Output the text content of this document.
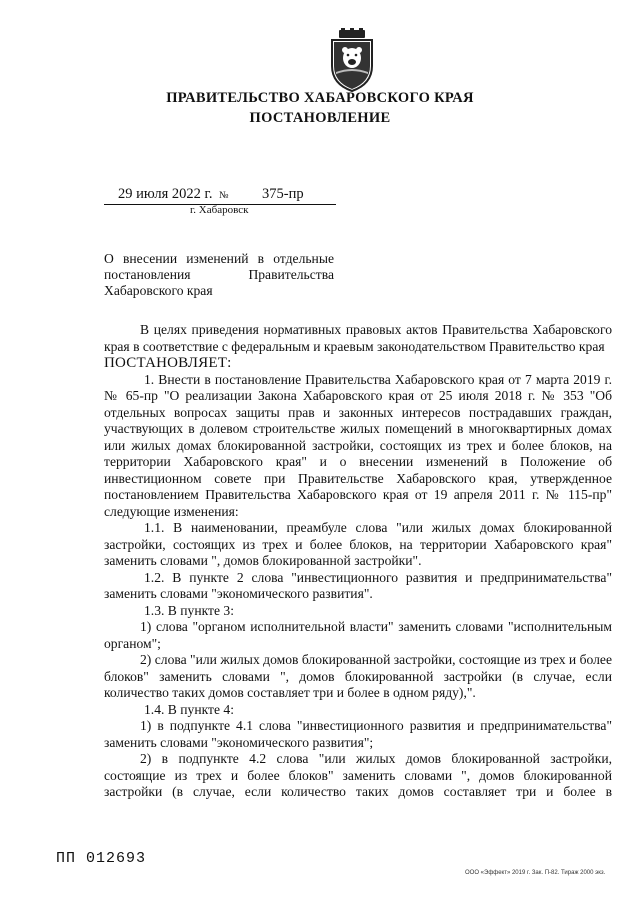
ПРАВИТЕЛЬСТВО ХАБАРОВСКОГО КРАЯ
ПОСТАНОВЛЕНИЕ
29 июля 2022 г. № 375-пр
г. Хабаровск
О внесении изменений в отдельные
постановления Правительства
Хабаровского края

В целях приведения нормативных правовых актов Правительства Хабаровского края в соответствие с федеральным и краевым законодательством Правительство края

ПОСТАНОВЛЯЕТ:

1. Внести в постановление Правительства Хабаровского края от 7 марта 2019 г. № 65-пр "О реализации Закона Хабаровского края от 25 июля 2018 г. № 353 "Об отдельных вопросах защиты прав и законных интересов пострадавших граждан, участвующих в долевом строительстве жилых помещений в многоквартирных домах или жилых домах блокированной застройки, состоящих из трех и более блоков, на территории Хабаровского края" и о внесении изменений в Положение об инвестиционном совете при Правительстве Хабаровского края, утвержденное постановлением Правительства Хабаровского края от 19 апреля 2011 г. № 115-пр" следующие изменения:

1.1. В наименовании, преамбуле слова "или жилых домах блокированной застройки, состоящих из трех и более блоков, на территории Хабаровского края" заменить словами ", домов блокированной застройки".

1.2. В пункте 2 слова "инвестиционного развития и предпринимательства" заменить словами "экономического развития".

1.3. В пункте 3:

1) слова "органом исполнительной власти" заменить словами "исполнительным органом";

2) слова "или жилых домов блокированной застройки, состоящие из трех и более блоков" заменить словами ", домов блокированной застройки (в случае, если количество таких домов составляет три и более в одном ряду),".

1.4. В пункте 4:

1) в подпункте 4.1 слова "инвестиционного развития и предпринимательства" заменить словами "экономического развития";

2) в подпункте 4.2 слова "или жилых домов блокированной застройки, состоящие из трех и более блоков" заменить словами ", домов блокированной застройки (в случае, если количество таких домов составляет три и более в

ПП 012693
ООО «Эффект» 2019 г. Зак. П-82. Тираж 2000 экз.
